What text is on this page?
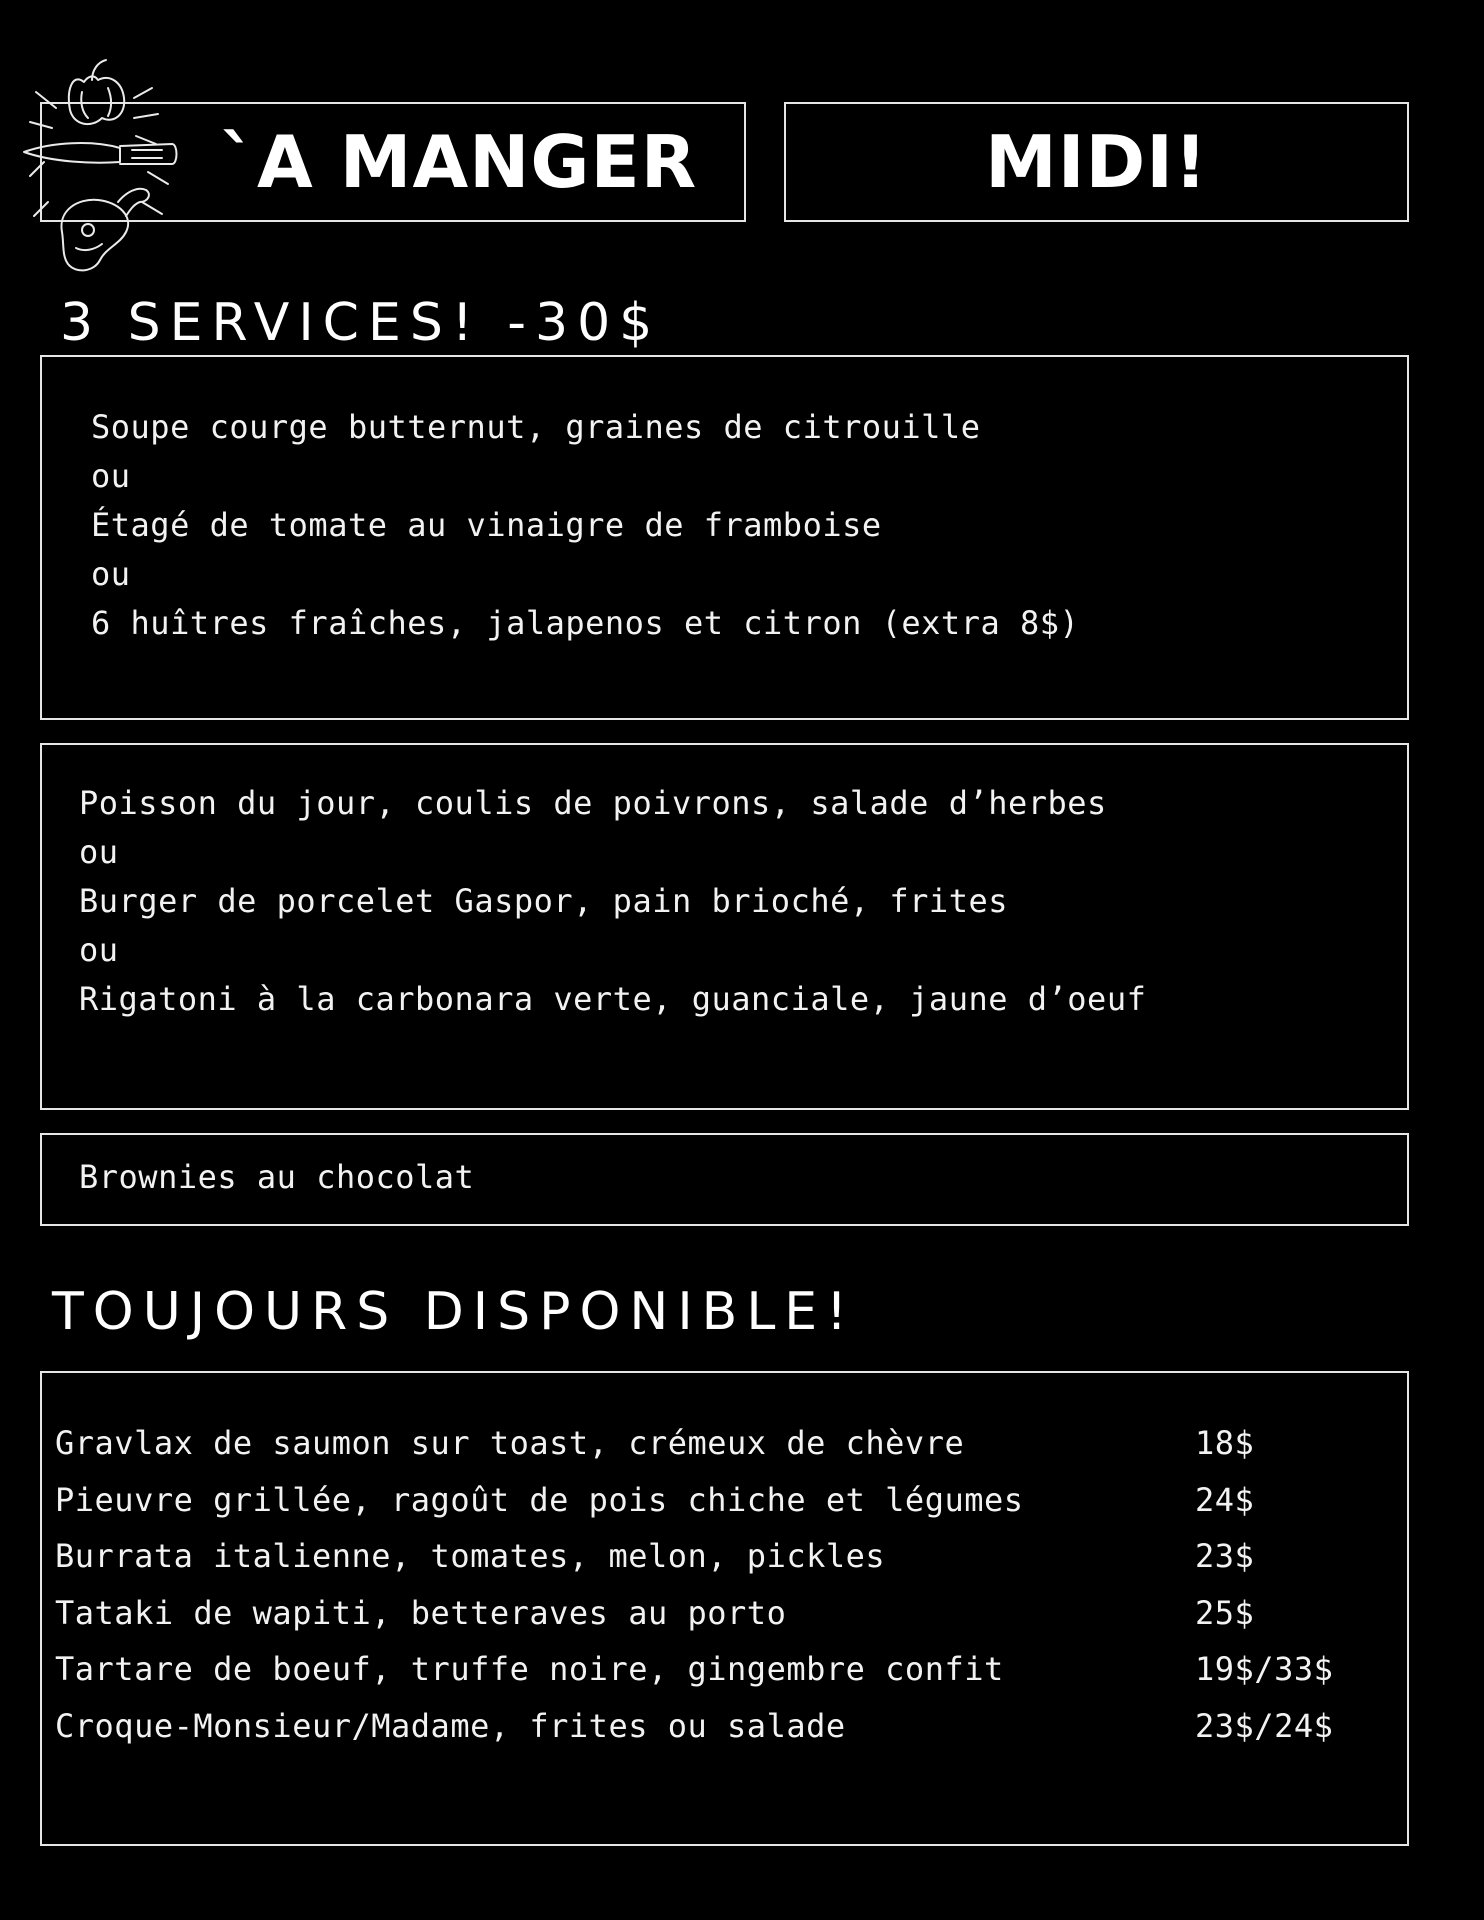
`A MANGER	MIDI!
3 SERVICES! -30$
Soupe courge butternut, graines de citrouille
ou
Étagé de tomate au vinaigre de framboise
ou
6 huîtres fraîches, jalapenos et citron (extra 8$)
Poisson du jour, coulis de poivrons, salade d’herbes
ou
Burger de porcelet Gaspor, pain brioché, frites
ou
Rigatoni à la carbonara verte, guanciale, jaune d’oeuf
Brownies au chocolat
TOUJOURS DISPONIBLE!
Gravlax de saumon sur toast, crémeux de chèvre	18$
Pieuvre grillée, ragoût de pois chiche et légumes	24$
Burrata italienne, tomates, melon, pickles	23$
Tataki de wapiti, betteraves au porto	25$
Tartare de boeuf, truffe noire, gingembre confit	19$/33$
Croque-Monsieur/Madame, frites ou salade	23$/24$
